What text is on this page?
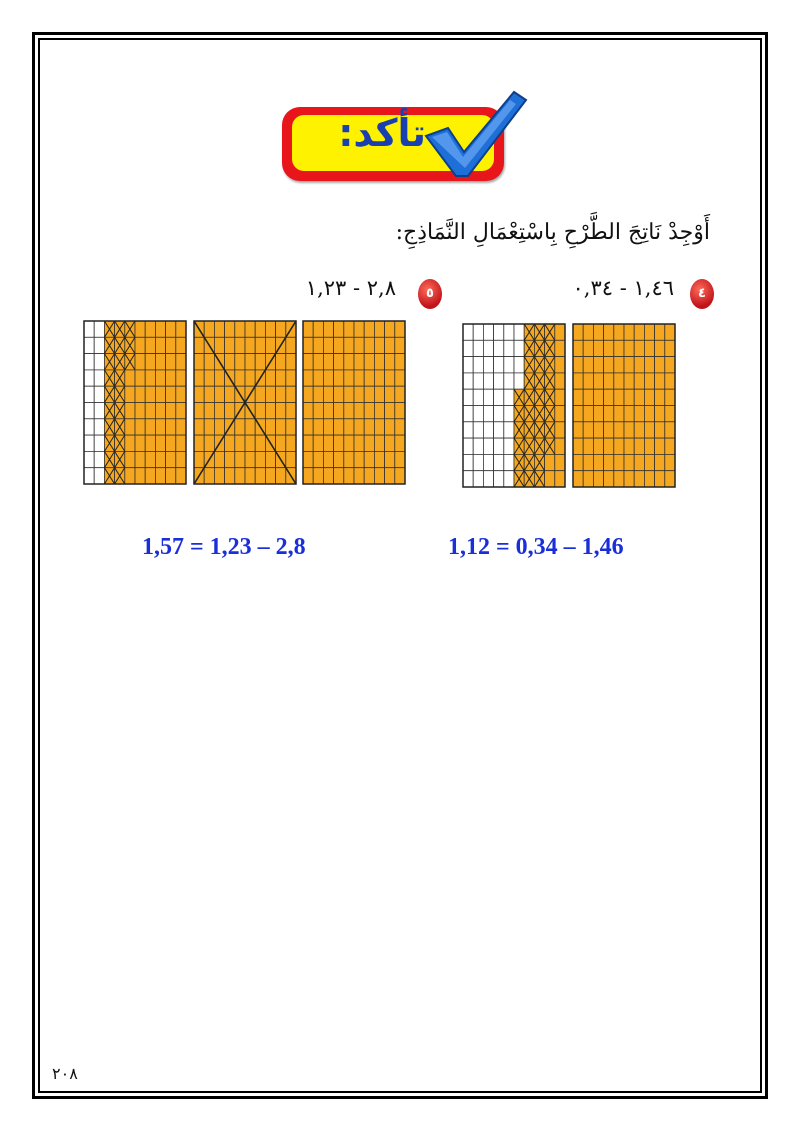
تأكد:
أَوْجِدْ نَاتِجَ الطَّرْحِ بِاسْتِعْمَالِ النَّمَاذِجِ:
٤
١,٤٦ - ٠,٣٤
٥
٢,٨ - ١,٢٣
1,12 = 0,34 – 1,46
1,57 = 1,23 – 2,8
٢٠٨
